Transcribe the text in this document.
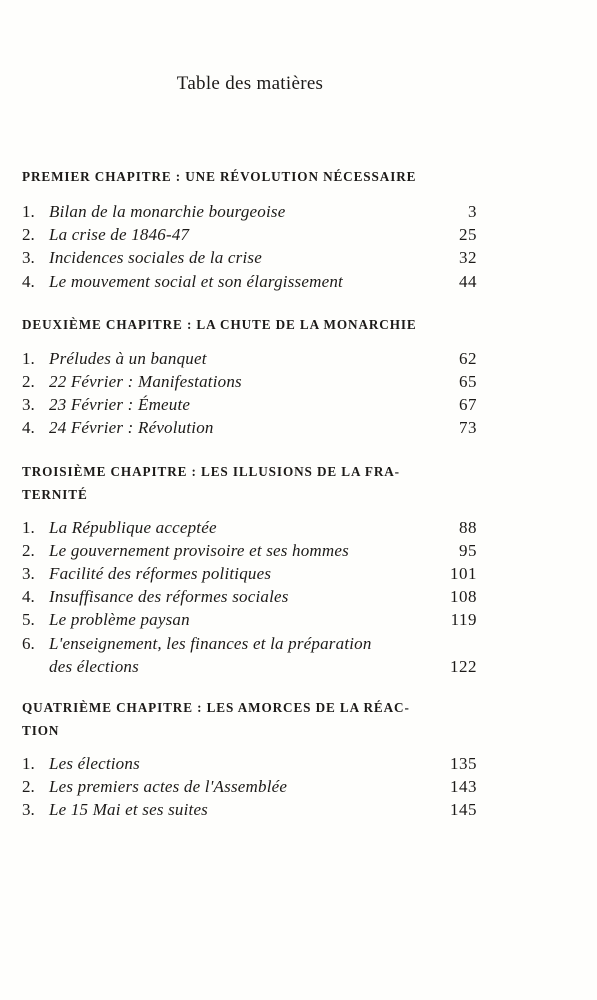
Table des matières
PREMIER CHAPITRE : UNE RÉVOLUTION NÉCESSAIRE
1. Bilan de la monarchie bourgeoise	3
2. La crise de 1846-47	25
3. Incidences sociales de la crise	32
4. Le mouvement social et son élargissement	44
DEUXIÈME CHAPITRE : LA CHUTE DE LA MONARCHIE
1. Préludes à un banquet	62
2. 22 Février : Manifestations	65
3. 23 Février : Émeute	67
4. 24 Février : Révolution	73
TROISIÈME CHAPITRE : LES ILLUSIONS DE LA FRA-
TERNITÉ
1. La République acceptée	88
2. Le gouvernement provisoire et ses hommes	95
3. Facilité des réformes politiques	101
4. Insuffisance des réformes sociales	108
5. Le problème paysan	119
6. L'enseignement, les finances et la préparation
des élections	122
QUATRIÈME CHAPITRE : LES AMORCES DE LA RÉAC-
TION
1. Les élections	135
2. Les premiers actes de l'Assemblée	143
3. Le 15 Mai et ses suites	145
